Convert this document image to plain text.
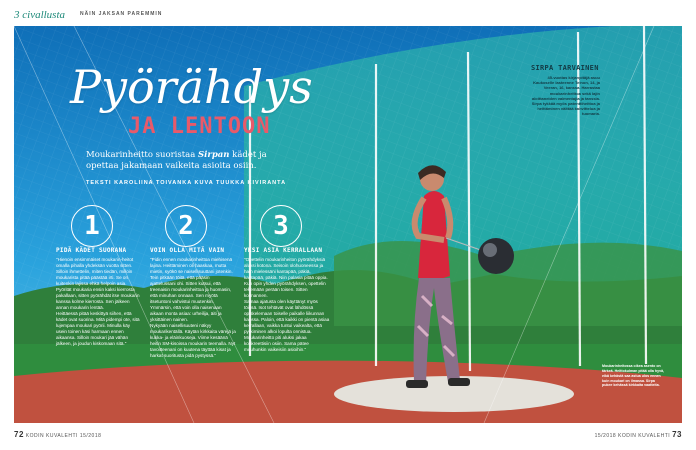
3 civallusta	NÄIN JAKSAN PAREMMIN
Pyörähdys
JA LENTOON
Moukarinheitto suoristaa Sirpan kädet ja opettaa jakamaan vaikeita asioita osiin.
TEKSTI KAROLIINA TOIVANKA KUVA TUUKKA KIVIRANTA
1	2	3
PIDÄ KÄDET SUORANA
"Hienoin ensimmäiset moukarin-heitot omalla pihalla yhdeksän vuotta sitten. Silloin ihmettelin, miten tiedän, milloin moukarista pitää päästää irti. Se on kuitenkin lajissa ehkä helpoin asia.
Pyörität moukaria ensin kaksi kierrosta pakallaan, sitten pyörähdät itse moukarin kanssa kolme kierrosta. Sen jälkeen annan moukarin lentää.
Heittäessä pitää keskittyä siihen, että kädet ovat suorina. Mitä pidempi ote, sitä lujempaa moukari pyörii. Minulla käy usein toinen käsi harmaan ennen aikaansa. Silloin moukari jää vähän jälkeen, ja joudun kiskomaan sitä."
VOIN OLLA MITÄ VAIN
"Pidin ennen moukarinheittoa miehisenä lajina. Heittäminen oli haaskaa, mutta mietin, syökö se naisellisuuttani jotenkin.
Tein pitkään töitä, että pääsin ajattelussani ohi. Sitten kutsui, että treenaisin moukarinheittoa ja huomasin, että minuhan onnaan. Sen myötä itsetuntoni vahvistui muutenkin. Ymmärsin, että voin olla naisenaan aikaan monta asiaa: urheilija, äiti ja yksittäinen nainen.
Nykyään naisellisuuteni näkyy moukarikentällä. Käytän kirkkaita värejä ja kukka- ja eläinkuoseja. Viime kesäänä heitin SM-kisoissa moukarin teemalla. Nyt tavoitteenani on kuutena täyttää kisat ja harkat suoritusta pidä pystyssä."
YKSI ASIA KERRALLAAN
"Opettelin moukarinheiton pyörähdyksiä aluksi kotona. Seisoin olohuoneessa ja hain mielessäni kantapää, päkiä, kantapää, päkiä. Niin palasia pitää oppia.
Kun opin yhden pyörähdyksen, opettelin tekemään perään toisen. Sitten kolmannen.
Samaa ajatusta olen käyttänyt myös töissä. Isot tehtävät ovat lähdössä opiskelemaan toiselle paikalle liikunnan kanssa. Paloin, että kaikki on pientä asiaa kerrallaan, vaikka tuntui vaikealta, että pyrkiminen alkoi lopulta onnistua.
Moukarinheitto piti aluksi jakaa konkreettisiin osiin. Sama pätee muuhunkin vaikeisiin asioihin."
SIRPA TARVAINEN
45-vuotias kirjanpitäjä asuu Kaukoselle lasteenne Teinon, 14, ja Veeran, 16, kanssa. Harrastaa moukarinheittoa sekä lajin aloittaneiden valmentajia ja tanssia. Sirpa tykkää myös patenttiheittoa ja heittäminen välttää kahvittelua ja tuomaria.
Moukarinheitossa oikea asento on tärkeä. Heittokulman pitää olla hyvä, eikä kehästä saa astua ulos ennen kuin moukari on ilmassa. Sirpa pukee kehässä kirkkaita vaatteita.
72 KODIN KUVALEHTI 15/2018	15/2018 KODIN KUVALEHTI 73
